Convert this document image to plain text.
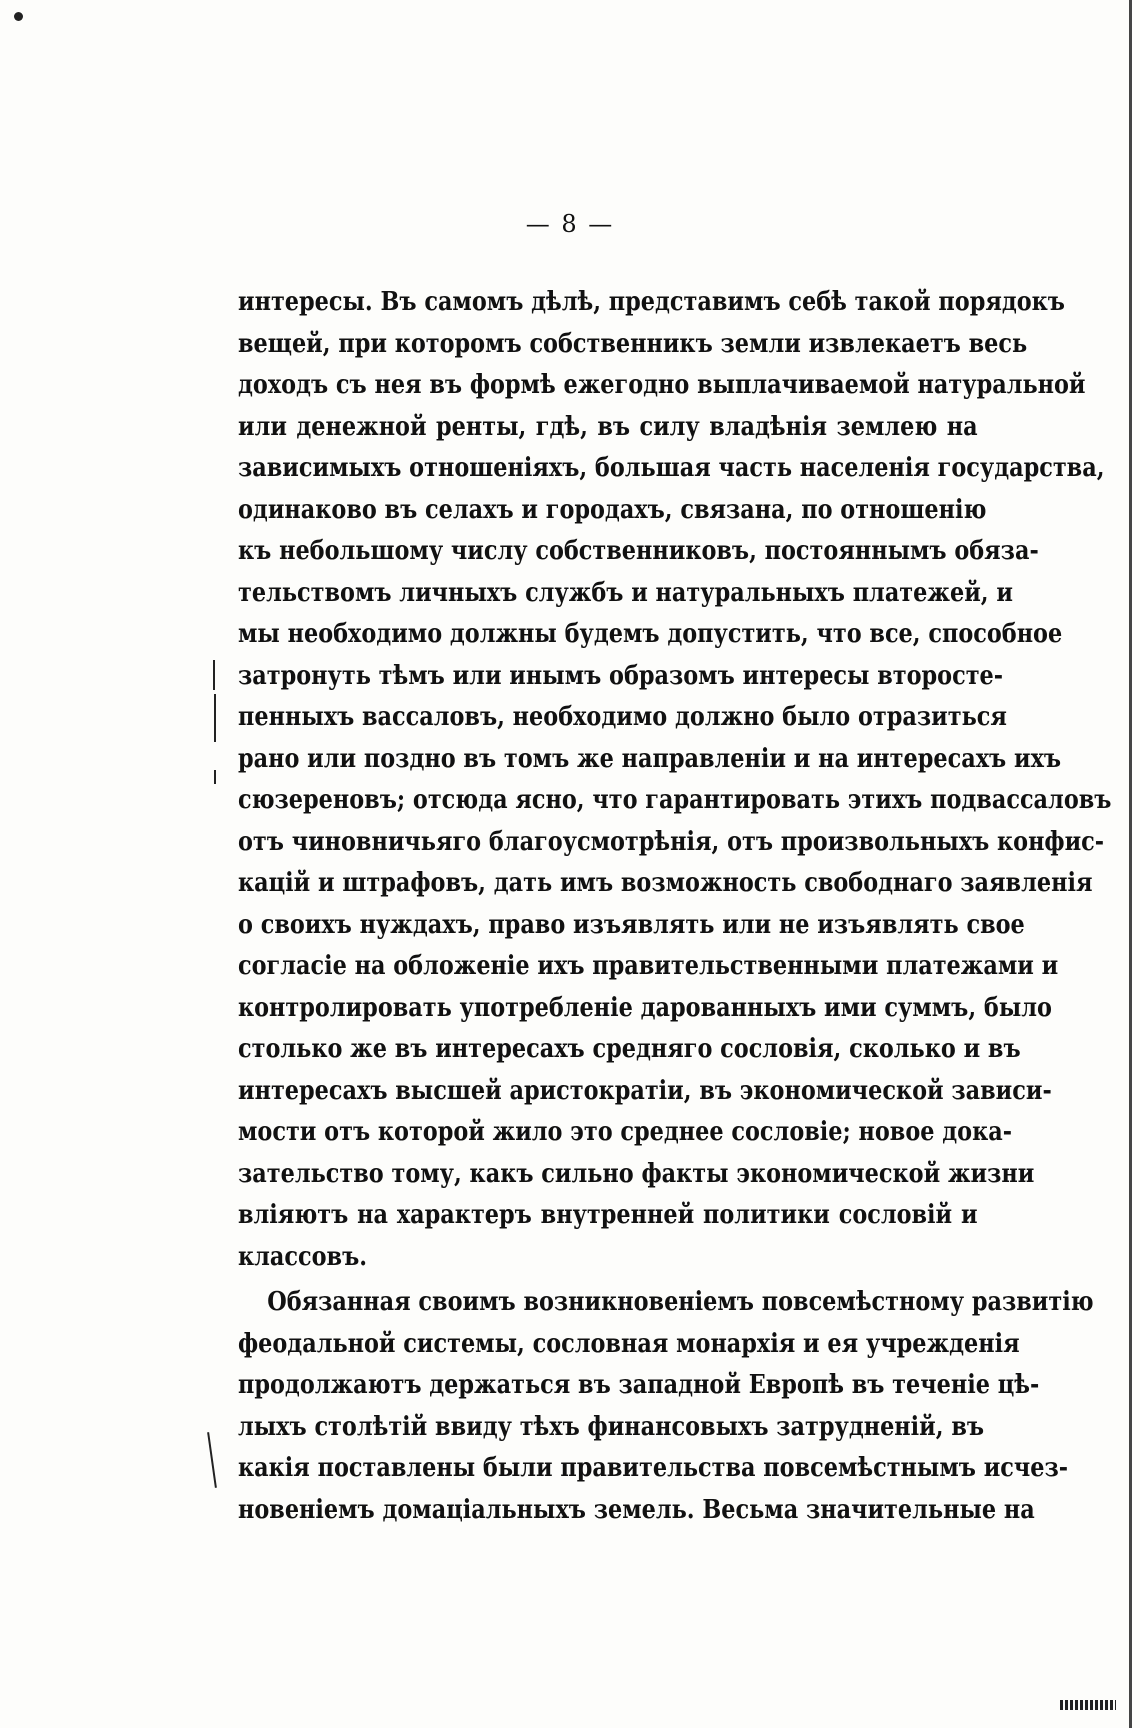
— 8 —
интересы. Въ самомъ дѣлѣ, представимъ себѣ такой порядокъ
вещей, при которомъ собственникъ земли извлекаетъ весь
доходъ съ нея въ формѣ ежегодно выплачиваемой натуральной
или денежной ренты, гдѣ, въ силу владѣнія землею на
зависимыхъ отношеніяхъ, большая часть населенія государства,
одинаково въ селахъ и городахъ, связана, по отношенію
къ небольшому числу собственниковъ, постояннымъ обяза-
тельствомъ личныхъ службъ и натуральныхъ платежей, и
мы необходимо должны будемъ допустить, что все, способное
затронуть тѣмъ или инымъ образомъ интересы второсте-
пенныхъ вассаловъ, необходимо должно было отразиться
рано или поздно въ томъ же направленіи и на интересахъ ихъ
сюзереновъ; отсюда ясно, что гарантировать этихъ подвассаловъ
отъ чиновничьяго благоусмотрѣнія, отъ произвольныхъ конфис-
кацій и штрафовъ, дать имъ возможность свободнаго заявленія
о своихъ нуждахъ, право изъявлять или не изъявлять свое
согласіе на обложеніе ихъ правительственными платежами и
контролировать употребленіе дарованныхъ ими суммъ, было
столько же въ интересахъ средняго сословія, сколько и въ
интересахъ высшей аристократіи, въ экономической зависи-
мости отъ которой жило это среднее сословіе; новое дока-
зательство тому, какъ сильно факты экономической жизни
вліяютъ на характеръ внутренней политики сословій и
классовъ.
Обязанная своимъ возникновеніемъ повсемѣстному развитію
феодальной системы, сословная монархія и ея учрежденія
продолжаютъ держаться въ западной Европѣ въ теченіе цѣ-
лыхъ столѣтій ввиду тѣхъ финансовыхъ затрудненій, въ
какія поставлены были правительства повсемѣстнымъ исчез-
новеніемъ домаціальныхъ земель. Весьма значительные на
